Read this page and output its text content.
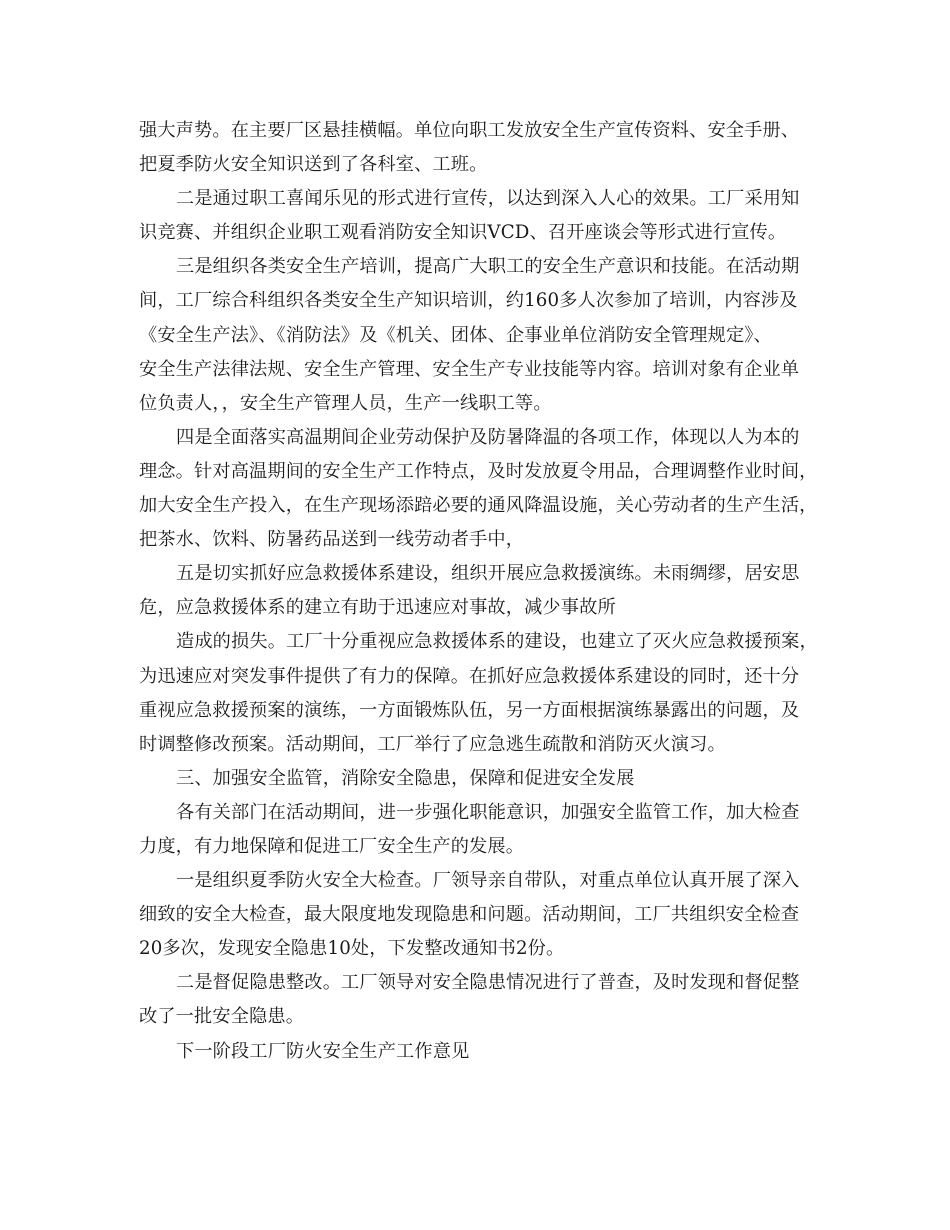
强大声势。在主要厂区悬挂横幅。单位向职工发放安全生产宣传资料、安全手册、
把夏季防火安全知识送到了各科室、工班。
二是通过职工喜闻乐见的形式进行宣传，以达到深入人心的效果。工厂采用知
识竞赛、并组织企业职工观看消防安全知识VCD、召开座谈会等形式进行宣传。
三是组织各类安全生产培训，提高广大职工的安全生产意识和技能。在活动期
间，工厂综合科组织各类安全生产知识培训，约160多人次参加了培训，内容涉及
《安全生产法》、《消防法》及《机关、团体、企事业单位消防安全管理规定》、
安全生产法律法规、安全生产管理、安全生产专业技能等内容。培训对象有企业单
位负责人，，安全生产管理人员，生产一线职工等。
四是全面落实高温期间企业劳动保护及防暑降温的各项工作，体现以人为本的
理念。针对高温期间的安全生产工作特点，及时发放夏令用品，合理调整作业时间，
加大安全生产投入，在生产现场添踣必要的通风降温设施，关心劳动者的生产生活，
把茶水、饮料、防暑药品送到一线劳动者手中，
五是切实抓好应急救援体系建设，组织开展应急救援演练。未雨绸缪，居安思
危，应急救援体系的建立有助于迅速应对事故，减少事故所
造成的损失。工厂十分重视应急救援体系的建设，也建立了灭火应急救援预案，
为迅速应对突发事件提供了有力的保障。在抓好应急救援体系建设的同时，还十分
重视应急救援预案的演练，一方面锻炼队伍，另一方面根据演练暴露出的问题，及
时调整修改预案。活动期间，工厂举行了应急逃生疏散和消防灭火演习。
三、加强安全监管，消除安全隐患，保障和促进安全发展
各有关部门在活动期间，进一步强化职能意识，加强安全监管工作，加大检查
力度，有力地保障和促进工厂安全生产的发展。
一是组织夏季防火安全大检查。厂领导亲自带队，对重点单位认真开展了深入
细致的安全大检查，最大限度地发现隐患和问题。活动期间，工厂共组织安全检查
20多次，发现安全隐患10处，下发整改通知书2份。
二是督促隐患整改。工厂领导对安全隐患情况进行了普查，及时发现和督促整
改了一批安全隐患。
下一阶段工厂防火安全生产工作意见
